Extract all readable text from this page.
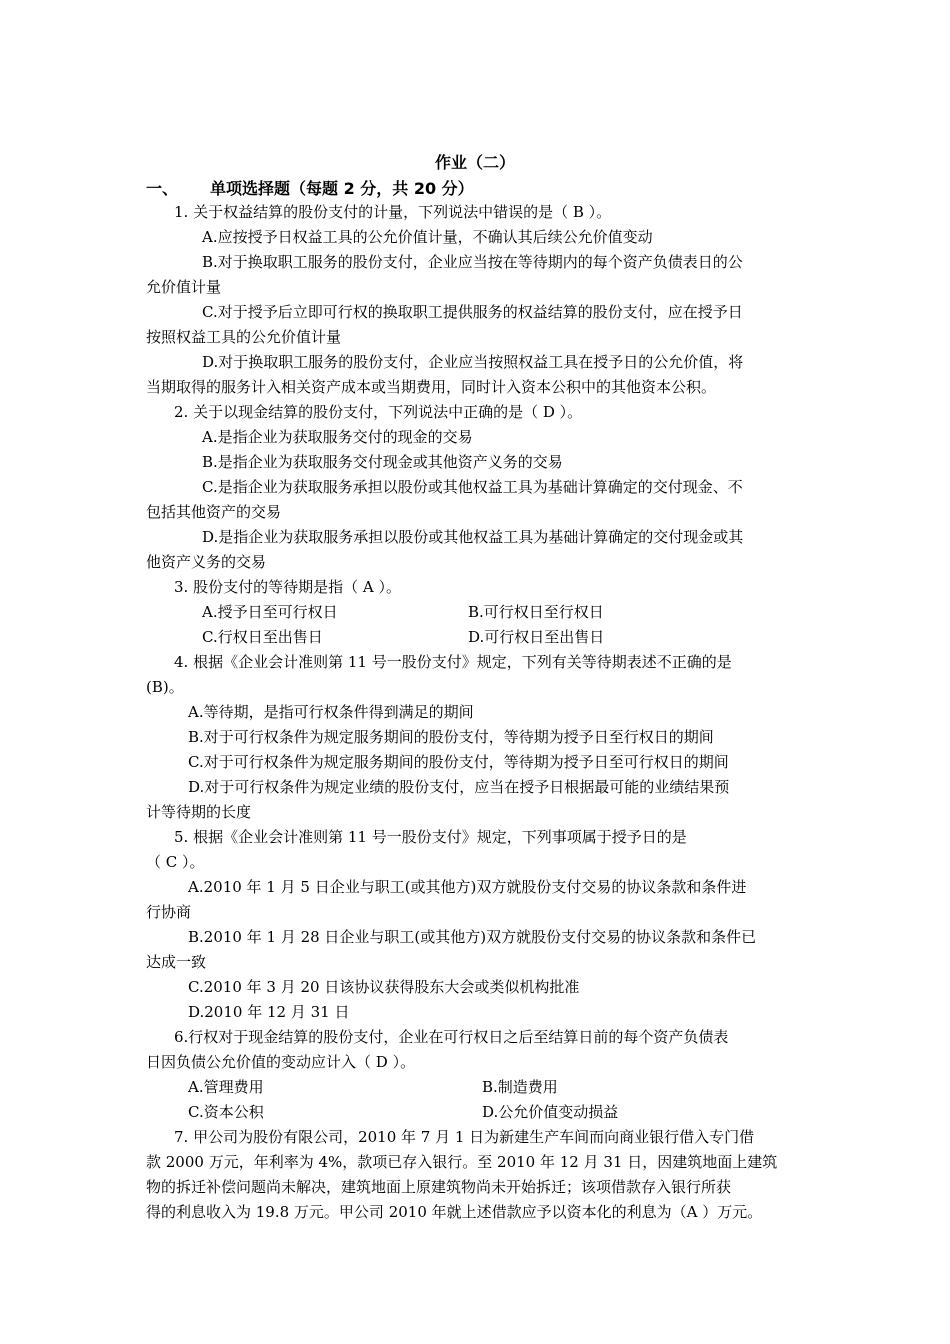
作业（二）
一、 单项选择题（每题 2 分，共 20 分）
1. 关于权益结算的股份支付的计量，下列说法中错误的是（ B ）。
A.应按授予日权益工具的公允价值计量，不确认其后续公允价值变动
B.对于换取职工服务的股份支付，企业应当按在等待期内的每个资产负债表日的公
允价值计量
C.对于授予后立即可行权的换取职工提供服务的权益结算的股份支付，应在授予日
按照权益工具的公允价值计量
D.对于换取职工服务的股份支付，企业应当按照权益工具在授予日的公允价值，将
当期取得的服务计入相关资产成本或当期费用，同时计入资本公积中的其他资本公积。
2. 关于以现金结算的股份支付，下列说法中正确的是（ D ）。
A.是指企业为获取服务交付的现金的交易
B.是指企业为获取服务交付现金或其他资产义务的交易
C.是指企业为获取服务承担以股份或其他权益工具为基础计算确定的交付现金、不
包括其他资产的交易
D.是指企业为获取服务承担以股份或其他权益工具为基础计算确定的交付现金或其
他资产义务的交易
3. 股份支付的等待期是指（ A ）。
A.授予日至可行权日	B.可行权日至行权日
C.行权日至出售日	D.可行权日至出售日
4. 根据《企业会计准则第 11 号一股份支付》规定，下列有关等待期表述不正确的是
(B)。
A.等待期，是指可行权条件得到满足的期间
B.对于可行权条件为规定服务期间的股份支付，等待期为授予日至行权日的期间
C.对于可行权条件为规定服务期间的股份支付，等待期为授予日至可行权日的期间
D.对于可行权条件为规定业绩的股份支付，应当在授予日根据最可能的业绩结果预
计等待期的长度
5. 根据《企业会计准则第 11 号一股份支付》规定，下列事项属于授予日的是
（ C ）。
A.2010 年 1 月 5 日企业与职工(或其他方)双方就股份支付交易的协议条款和条件进
行协商
B.2010 年 1 月 28 日企业与职工(或其他方)双方就股份支付交易的协议条款和条件已
达成一致
C.2010 年 3 月 20 日该协议获得股东大会或类似机构批准
D.2010 年 12 月 31 日
6.行权对于现金结算的股份支付，企业在可行权日之后至结算日前的每个资产负债表
日因负债公允价值的变动应计入（ D ）。
A.管理费用	B.制造费用
C.资本公积	D.公允价值变动损益
7. 甲公司为股份有限公司，2010 年 7 月 1 日为新建生产车间而向商业银行借入专门借
款 2000 万元，年利率为 4%，款项已存入银行。至 2010 年 12 月 31 日，因建筑地面上建筑
物的拆迁补偿问题尚未解决，建筑地面上原建筑物尚未开始拆迁；该项借款存入银行所获
得的利息收入为 19.8 万元。甲公司 2010 年就上述借款应予以资本化的利息为（A ）万元。
